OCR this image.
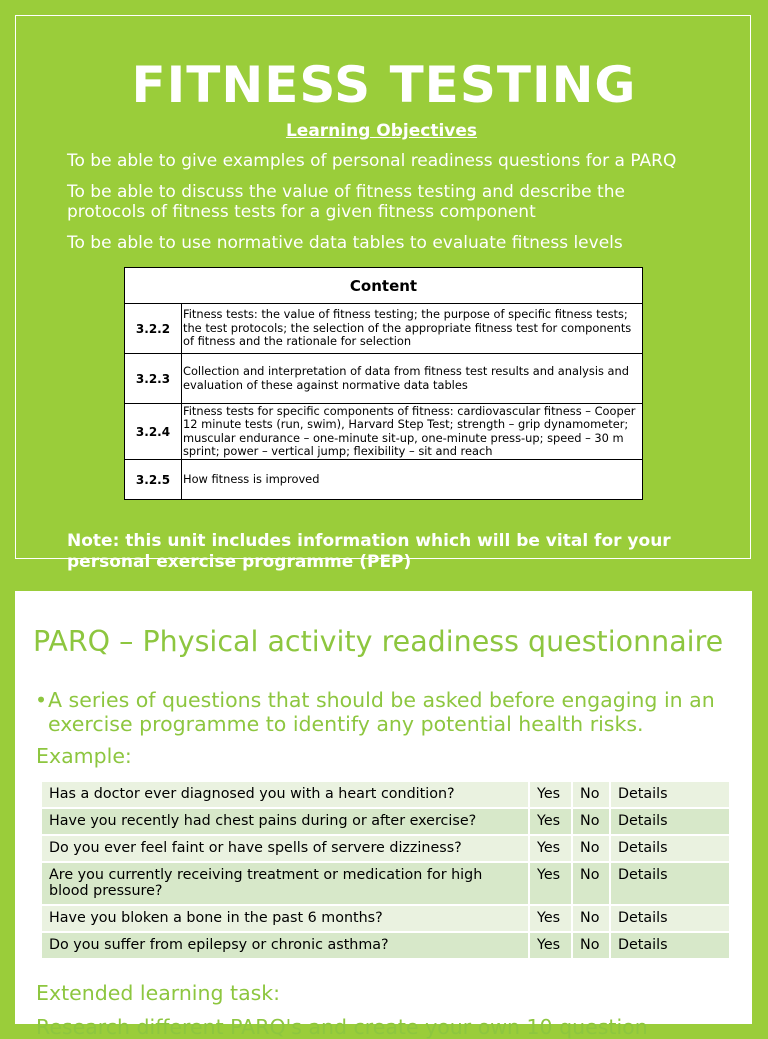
FITNESS TESTING
Learning Objectives
To be able to give examples of personal readiness questions for a PARQ
To be able to discuss the value of fitness testing and describe the protocols of fitness tests for a given fitness component
To be able to use normative data tables to evaluate fitness levels
Content	
3.2.2	Fitness tests: the value of fitness testing; the purpose of specific fitness tests; the test protocols; the selection of the appropriate fitness test for components of fitness and the rationale for selection
3.2.3	Collection and interpretation of data from fitness test results and analysis and evaluation of these against normative data tables
3.2.4	Fitness tests for specific components of fitness: cardiovascular fitness – Cooper 12 minute tests (run, swim), Harvard Step Test; strength – grip dynamometer; muscular endurance – one-minute sit-up, one-minute press-up; speed – 30 m sprint; power – vertical jump; flexibility – sit and reach
3.2.5	How fitness is improved
Note: this unit includes information which will be vital for your personal exercise programme (PEP)
PARQ – Physical activity readiness questionnaire
• A series of questions that should be asked before engaging in an exercise programme to identify any potential health risks.
Example:
Has a doctor ever diagnosed you with a heart condition?	Yes	No	Details
Have you recently had chest pains during or after exercise?	Yes	No	Details
Do you ever feel faint or have spells of servere dizziness?	Yes	No	Details
Are you currently receiving treatment or medication for high blood pressure?	Yes	No	Details
Have you bloken a bone in the past 6 months?	Yes	No	Details
Do you suffer from epilepsy or chronic asthma?	Yes	No	Details
Extended learning task:
Research different PARQ's and create your own 10 question
